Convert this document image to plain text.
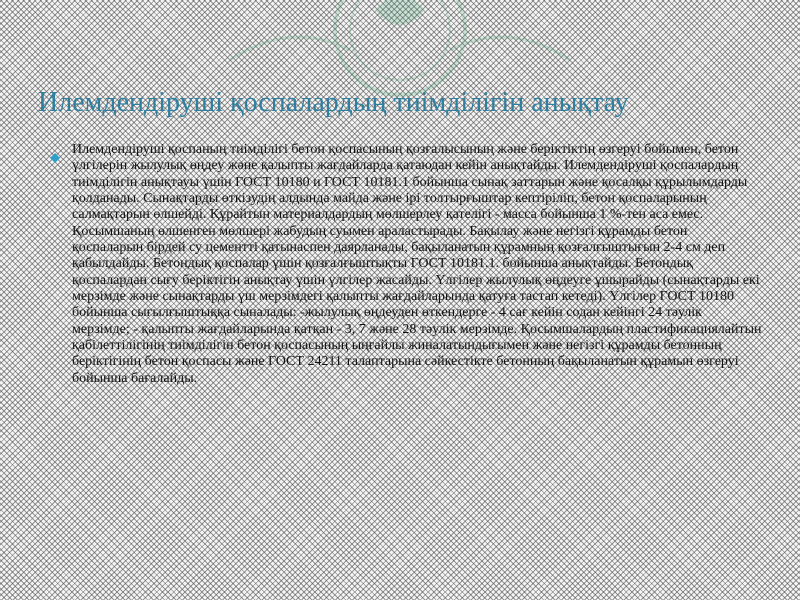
Илемдендіруші қоспалардың тиімділігін анықтау

Илемдендіруші қоспаның тиімділігі бетон қоспасының қозғалысының және беріктіктің өзгеруі бойымен, бетон үлгілерін жылулық өңдеу және қалыпты жағдайларда қатаюдан кейін анықтайды. Илемдендіруші қоспалардың тиімділігін анықтауы үшін ГОСТ 10180 и ГОСТ 10181.1 бойынша сынақ заттарын және қосалқы құрылымдарды қолданады. Сынақтарды өткізудің алдында майда және ірі толтырғыштар кептіріліп, бетон қоспаларының салмақтарын өлшейді. Құрайтын материалдардың мөлшерлеу қателігі - масса бойынша 1 %-тен аса емес. Қосымшаның өлшенген мөлшері жабудың суымен араластырады. Бақылау және негізгі құрамды бетон қоспаларын бірдей су цементті қатынаспен даярланады, бақыланатын құрамның қозғалғыштығын 2-4 см деп қабылдайды. Бетондық қоспалар үшін қозғалғыштықты ГОСТ 10181.1. бойынша анықтайды. Бетондық қоспалардан сығу беріктігін анықтау үшін үлгілер жасайды. Үлгілер жылулық өңдеуге ұшырайды (сынақтарды екі мерзімде және сынақтарды үш мерзімдегі қалыпты жағдайларында қатуға тастап кетеді). Үлгілер ГОСТ 10180 бойынша сығылғыштыққа сыналады: -жылулық өңдеуден өткендерге - 4 сағ кейін содан кейінгі 24 тәулік мерзімде; - қалыпты жағдайларында қатқан - 3, 7 және 28 тәулік мерзімде. Қосымшалардың пластификациялайтын қабілеттілігінің тиімділігін бетон қоспасының ыңғайлы жиналатындығымен және негізгі құрамды бетонның беріктігінің бетон қоспасы және ГОСТ 24211 талаптарына сәйкестікте бетонның бақыланатын құрамын өзгеруі бойынша бағалайды.
